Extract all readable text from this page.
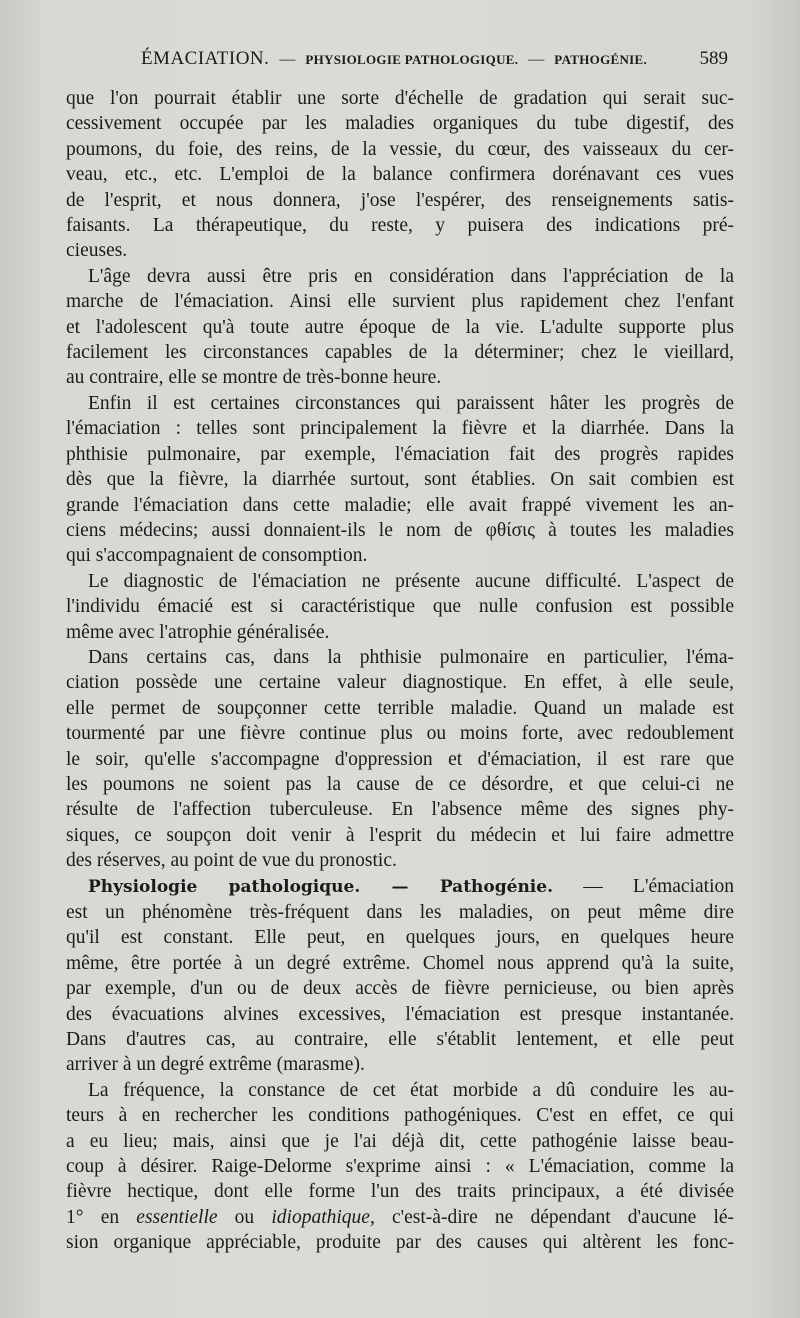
ÉMACIATION. — PHYSIOLOGIE PATHOLOGIQUE. — PATHOGÉNIE.	589
que l'on pourrait établir une sorte d'échelle de gradation qui serait suc-
cessivement occupée par les maladies organiques du tube digestif, des
poumons, du foie, des reins, de la vessie, du cœur, des vaisseaux du cer-
veau, etc., etc. L'emploi de la balance confirmera dorénavant ces vues
de l'esprit, et nous donnera, j'ose l'espérer, des renseignements satis-
faisants. La thérapeutique, du reste, y puisera des indications pré-
cieuses.
L'âge devra aussi être pris en considération dans l'appréciation de la
marche de l'émaciation. Ainsi elle survient plus rapidement chez l'enfant
et l'adolescent qu'à toute autre époque de la vie. L'adulte supporte plus
facilement les circonstances capables de la déterminer; chez le vieillard,
au contraire, elle se montre de très-bonne heure.
Enfin il est certaines circonstances qui paraissent hâter les progrès de
l'émaciation : telles sont principalement la fièvre et la diarrhée. Dans la
phthisie pulmonaire, par exemple, l'émaciation fait des progrès rapides
dès que la fièvre, la diarrhée surtout, sont établies. On sait combien est
grande l'émaciation dans cette maladie; elle avait frappé vivement les an-
ciens médecins; aussi donnaient-ils le nom de φθίσις à toutes les maladies
qui s'accompagnaient de consomption.
Le diagnostic de l'émaciation ne présente aucune difficulté. L'aspect de
l'individu émacié est si caractéristique que nulle confusion est possible
même avec l'atrophie généralisée.
Dans certains cas, dans la phthisie pulmonaire en particulier, l'éma-
ciation possède une certaine valeur diagnostique. En effet, à elle seule,
elle permet de soupçonner cette terrible maladie. Quand un malade est
tourmenté par une fièvre continue plus ou moins forte, avec redoublement
le soir, qu'elle s'accompagne d'oppression et d'émaciation, il est rare que
les poumons ne soient pas la cause de ce désordre, et que celui-ci ne
résulte de l'affection tuberculeuse. En l'absence même des signes phy-
siques, ce soupçon doit venir à l'esprit du médecin et lui faire admettre
des réserves, au point de vue du pronostic.
Physiologie pathologique. — Pathogénie. — L'émaciation
est un phénomène très-fréquent dans les maladies, on peut même dire
qu'il est constant. Elle peut, en quelques jours, en quelques heure
même, être portée à un degré extrême. Chomel nous apprend qu'à la suite,
par exemple, d'un ou de deux accès de fièvre pernicieuse, ou bien après
des évacuations alvines excessives, l'émaciation est presque instantanée.
Dans d'autres cas, au contraire, elle s'établit lentement, et elle peut
arriver à un degré extrême (marasme).
La fréquence, la constance de cet état morbide a dû conduire les au-
teurs à en rechercher les conditions pathogéniques. C'est en effet, ce qui
a eu lieu; mais, ainsi que je l'ai déjà dit, cette pathogénie laisse beau-
coup à désirer. Raige-Delorme s'exprime ainsi : « L'émaciation, comme la
fièvre hectique, dont elle forme l'un des traits principaux, a été divisée
1° en essentielle ou idiopathique, c'est-à-dire ne dépendant d'aucune lé-
sion organique appréciable, produite par des causes qui altèrent les fonc-
